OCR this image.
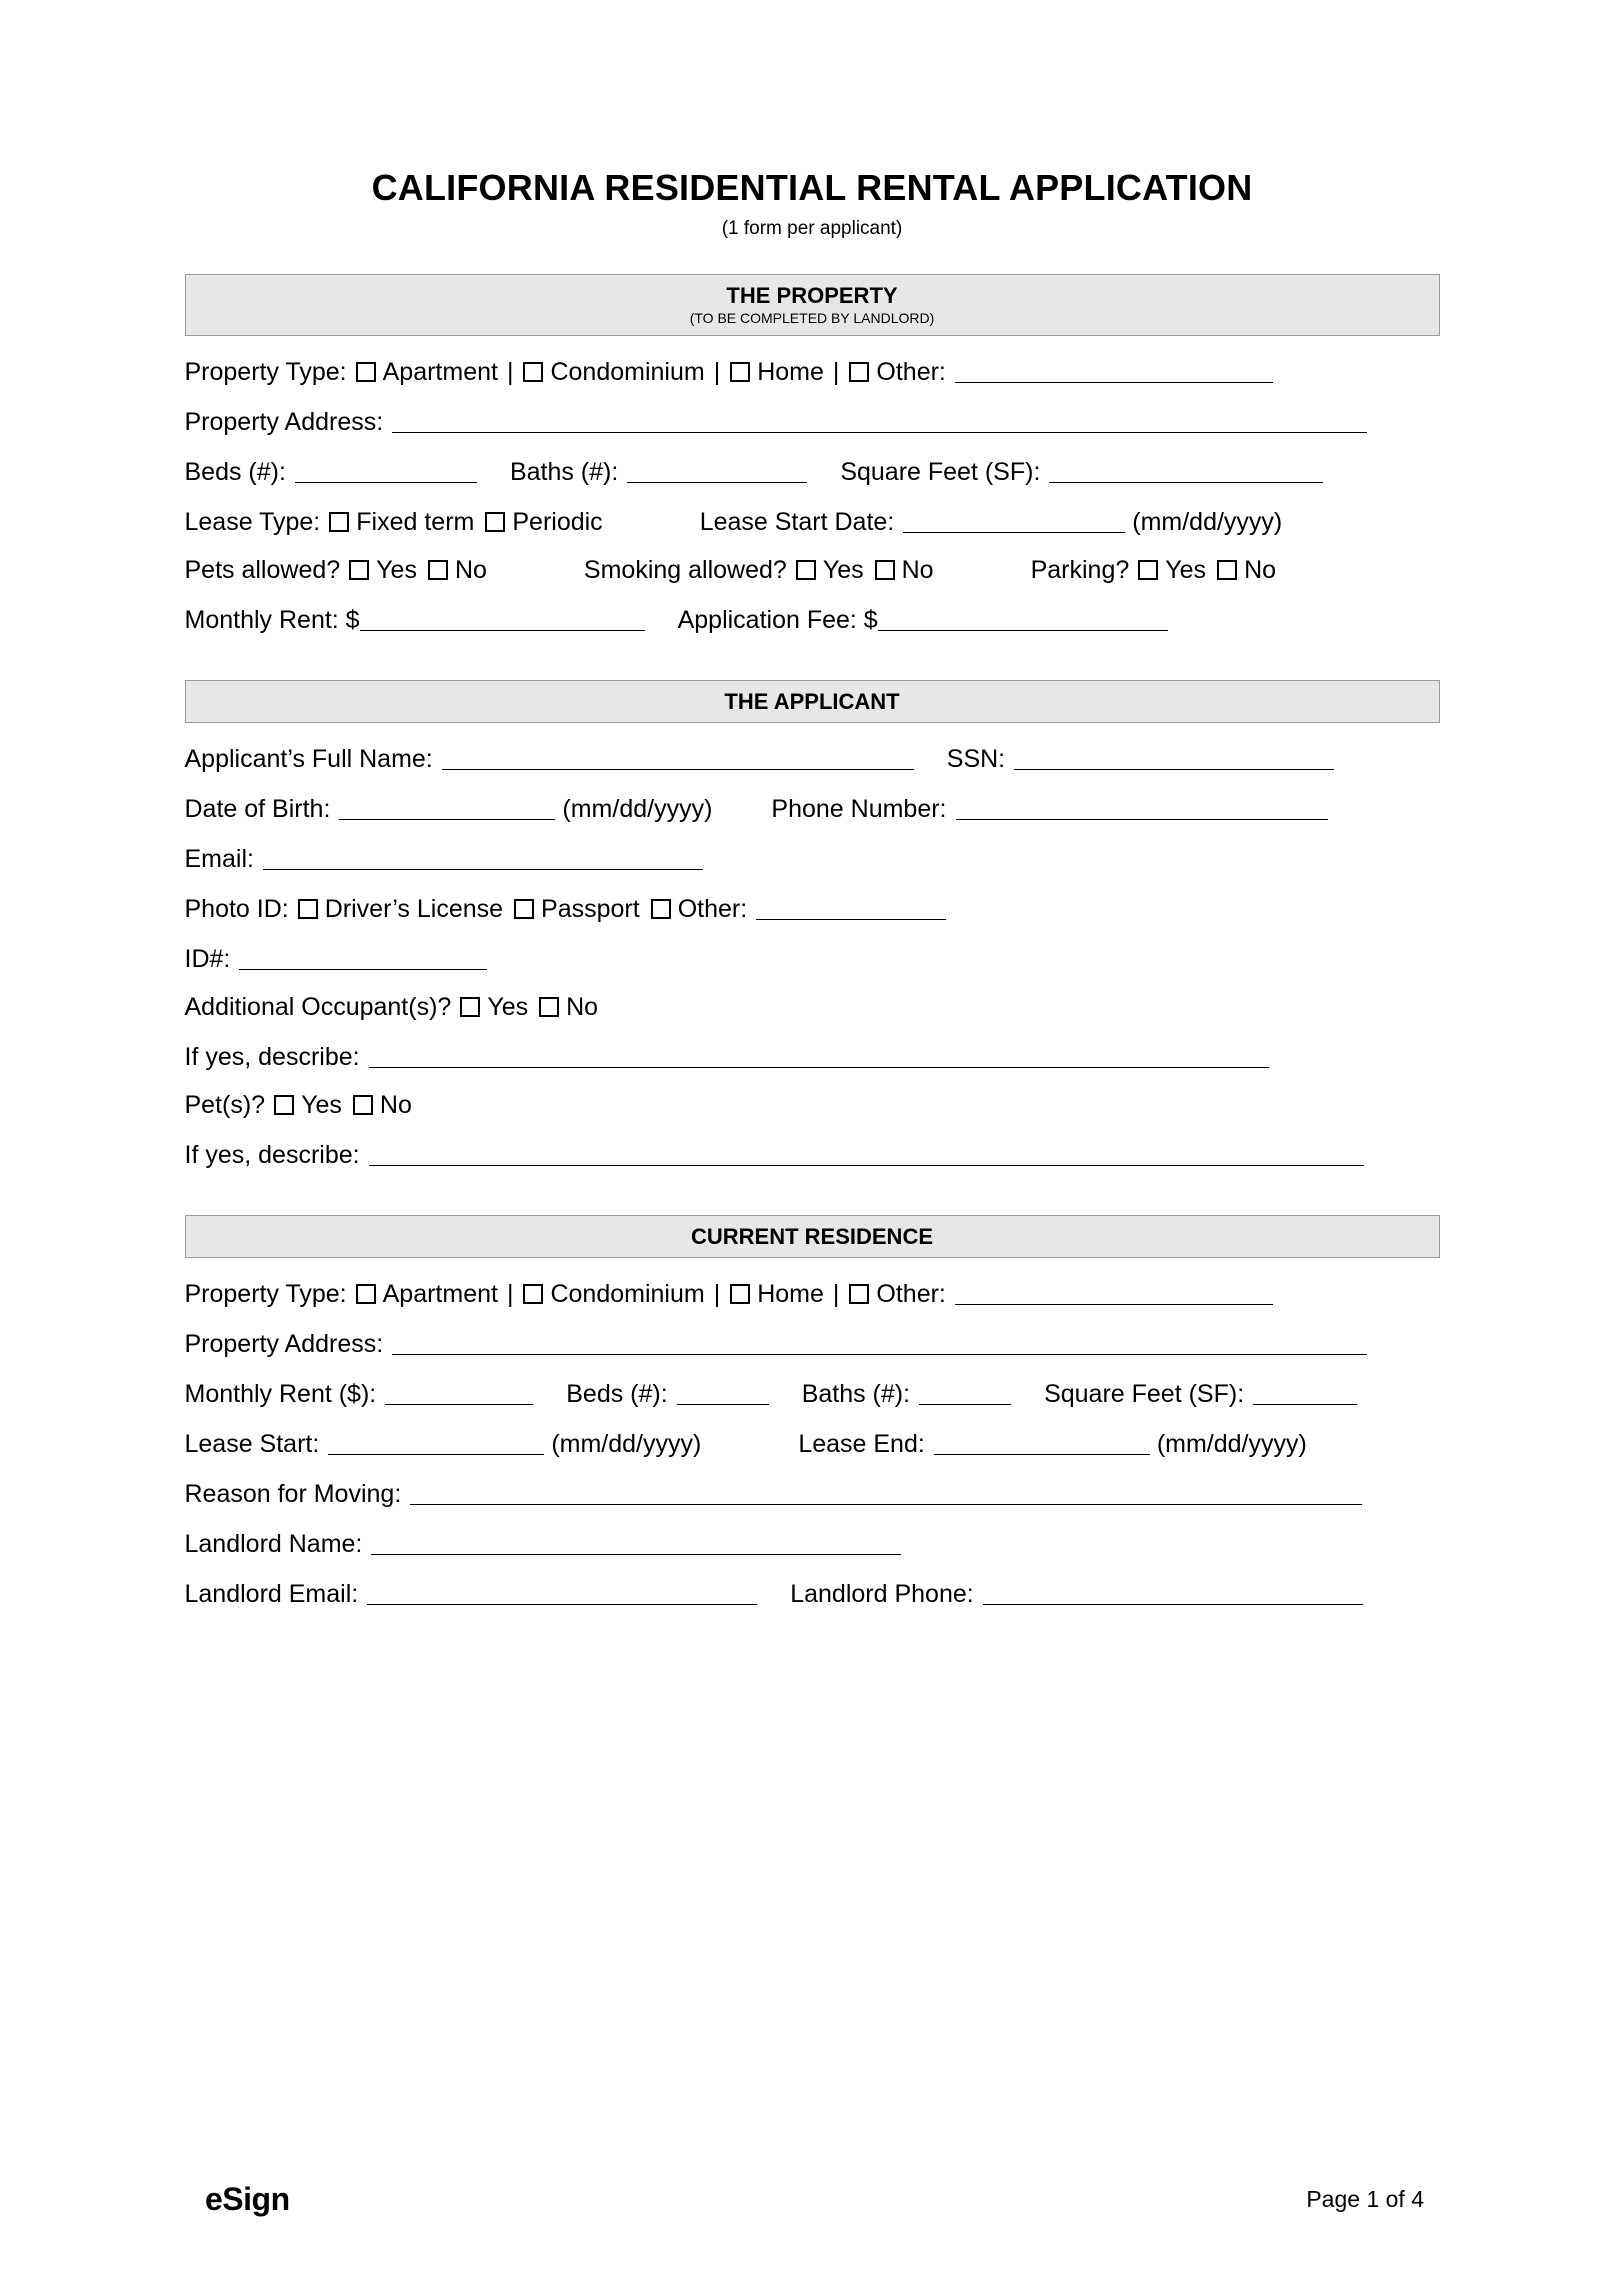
CALIFORNIA RESIDENTIAL RENTAL APPLICATION
(1 form per applicant)
THE PROPERTY
(TO BE COMPLETED BY LANDLORD)
Property Type: Apartment | Condominium | Home | Other:
Property Address:
Beds (#):	Baths (#):	Square Feet (SF):
Lease Type: Fixed term Periodic	Lease Start Date:	(mm/dd/yyyy)
Pets allowed? Yes No	Smoking allowed? Yes No	Parking? Yes No
Monthly Rent: $	Application Fee: $
THE APPLICANT
Applicant’s Full Name:	SSN:
Date of Birth:	(mm/dd/yyyy) Phone Number:
Email:
Photo ID: Driver’s License Passport Other:
ID#:
Additional Occupant(s)? Yes No
If yes, describe:
Pet(s)? Yes No
If yes, describe:
CURRENT RESIDENCE
Property Type: Apartment | Condominium | Home | Other:
Property Address:
Monthly Rent ($):	Beds (#):	Baths (#):	Square Feet (SF):
Lease Start:	(mm/dd/yyyy)	Lease End:	(mm/dd/yyyy)
Reason for Moving:
Landlord Name:
Landlord Email:	Landlord Phone:
eSign	Page 1 of 4
